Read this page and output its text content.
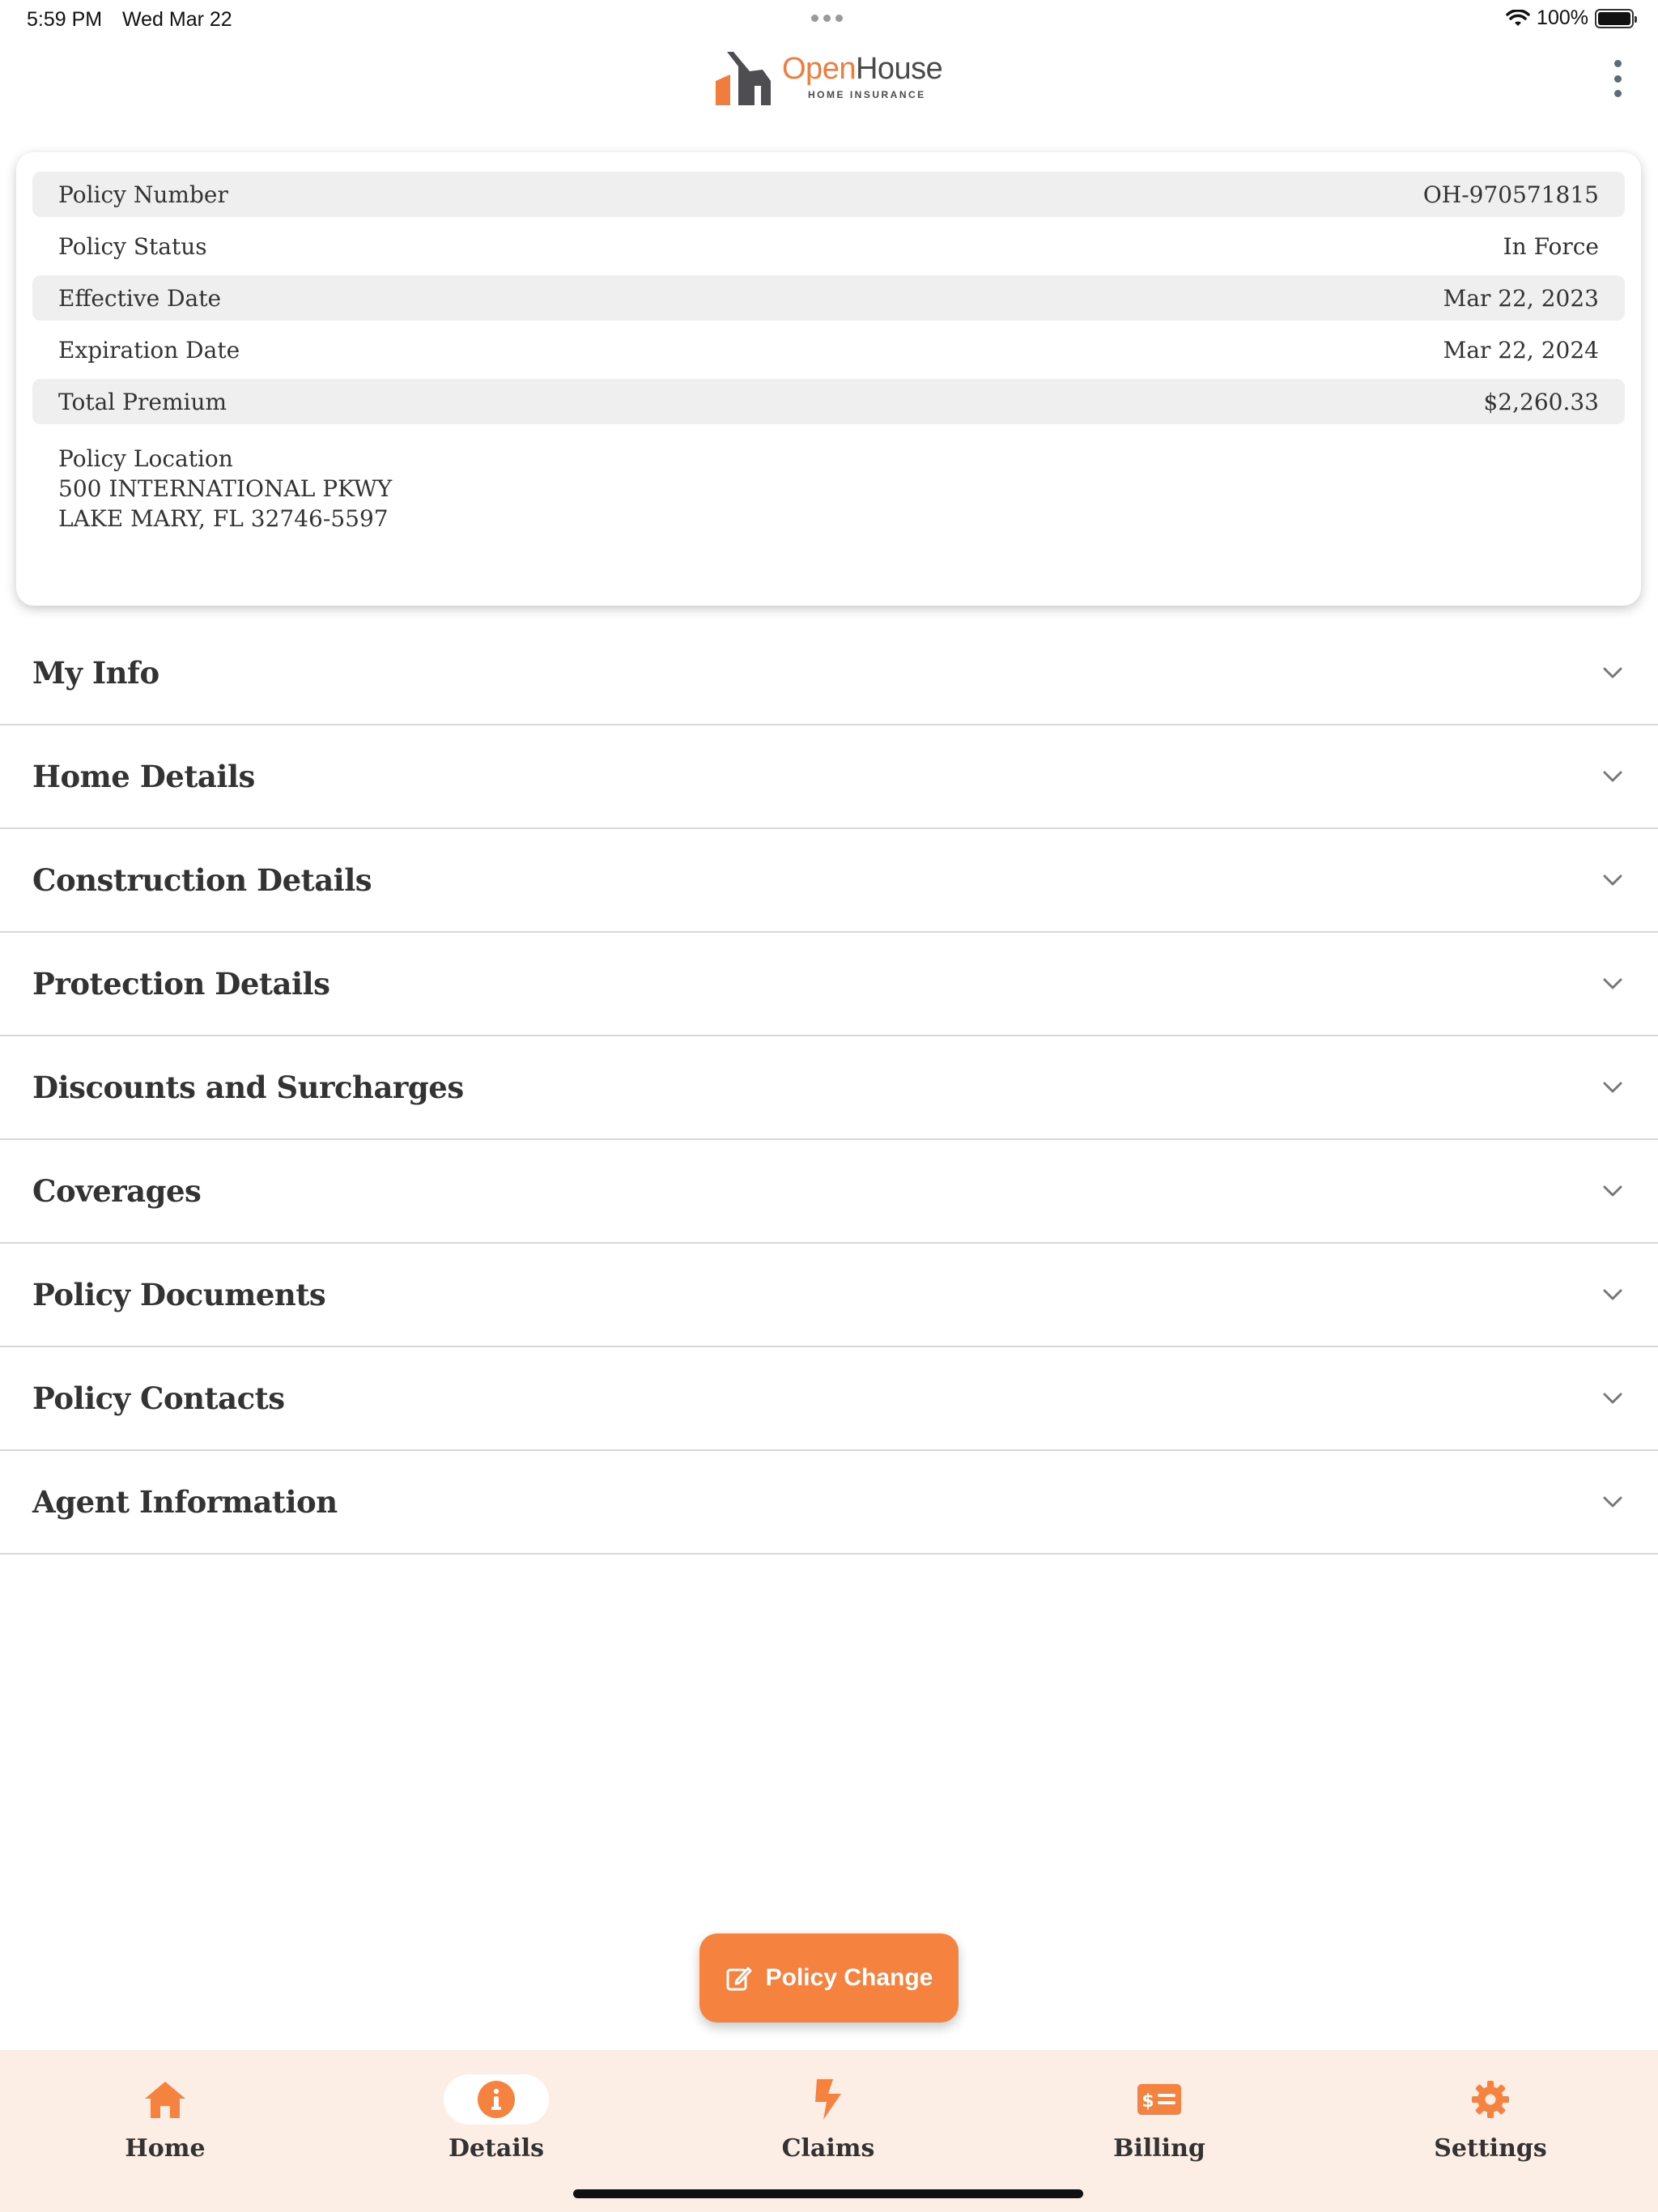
5:59 PM Wed Mar 22	100%
OpenHouse
HOME INSURANCE
Policy Number	OH-970571815
Policy Status	In Force
Effective Date	Mar 22, 2023
Expiration Date	Mar 22, 2024
Total Premium	$2,260.33
Policy Location
500 INTERNATIONAL PKWY
LAKE MARY, FL 32746-5597
My Info
Home Details
Construction Details
Protection Details
Discounts and Surcharges
Coverages
Policy Documents
Policy Contacts
Agent Information
Policy Change
Home	Details	Claims
$
Billing	Settings
